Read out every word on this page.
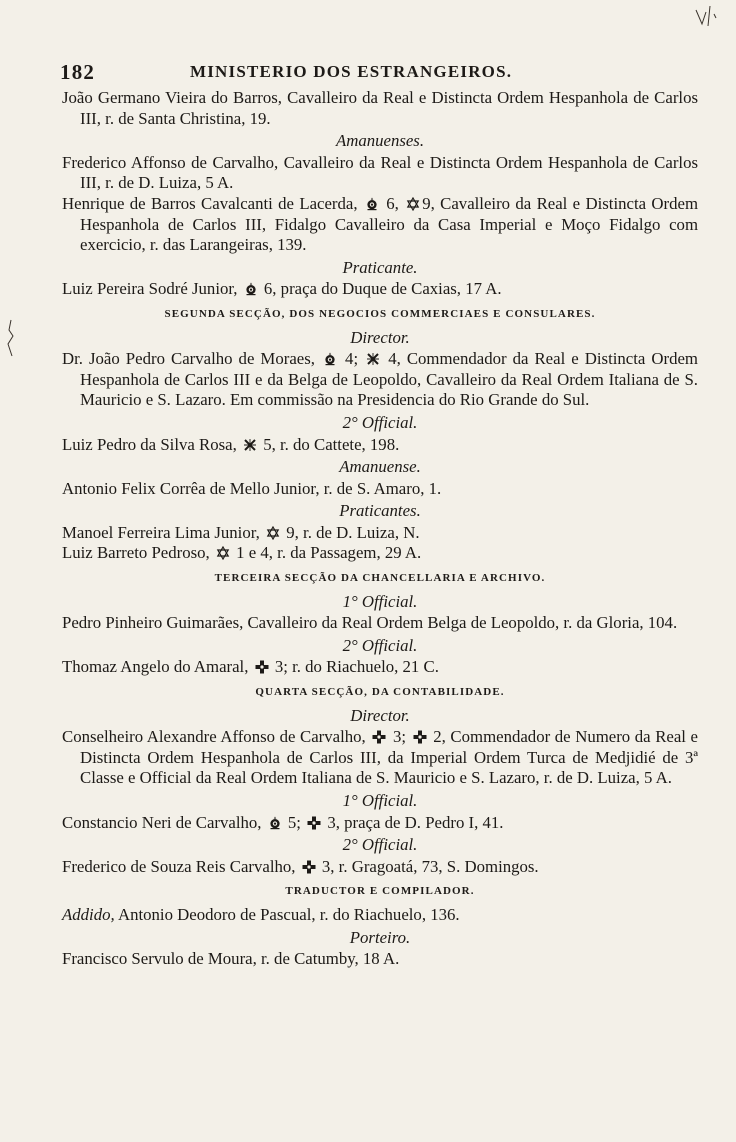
182	MINISTERIO DOS ESTRANGEIROS.

João Germano Vieira do Barros, Cavalleiro da Real e Distincta Ordem Hespanhola de Carlos III, r. de Santa Christina, 19.

Amanuenses.

Frederico Affonso de Carvalho, Cavalleiro da Real e Distincta Ordem Hespanhola de Carlos III, r. de D. Luiza, 5 A.

Henrique de Barros Cavalcanti de Lacerda, 6, 9, Cavalleiro da Real e Distincta Ordem Hespanhola de Carlos III, Fidalgo Cavalleiro da Casa Imperial e Moço Fidalgo com exercicio, r. das Larangeiras, 139.

Praticante.

Luiz Pereira Sodré Junior, 6, praça do Duque de Caxias, 17 A.

SEGUNDA SECÇÃO, DOS NEGOCIOS COMMERCIAES E CONSULARES.

Director.

Dr. João Pedro Carvalho de Moraes, 4; 4, Commendador da Real e Distincta Ordem Hespanhola de Carlos III e da Belga de Leopoldo, Cavalleiro da Real Ordem Italiana de S. Mauricio e S. Lazaro. Em commissão na Presidencia do Rio Grande do Sul.

2° Official.

Luiz Pedro da Silva Rosa, 5, r. do Cattete, 198.

Amanuense.

Antonio Felix Corrêa de Mello Junior, r. de S. Amaro, 1.

Praticantes.

Manoel Ferreira Lima Junior, 9, r. de D. Luiza, N.

Luiz Barreto Pedroso, 1 e 4, r. da Passagem, 29 A.

TERCEIRA SECÇÃO DA CHANCELLARIA E ARCHIVO.

1° Official.

Pedro Pinheiro Guimarães, Cavalleiro da Real Ordem Belga de Leopoldo, r. da Gloria, 104.

2° Official.

Thomaz Angelo do Amaral, 3; r. do Riachuelo, 21 C.

QUARTA SECÇÃO, DA CONTABILIDADE.

Director.

Conselheiro Alexandre Affonso de Carvalho, 3; 2, Commendador de Numero da Real e Distincta Ordem Hespanhola de Carlos III, da Imperial Ordem Turca de Medjidié de 3ª Classe e Official da Real Ordem Italiana de S. Mauricio e S. Lazaro, r. de D. Luiza, 5 A.

1° Official.

Constancio Neri de Carvalho, 5; 3, praça de D. Pedro I, 41.

2° Official.

Frederico de Souza Reis Carvalho, 3, r. Gragoatá, 73, S. Domingos.

TRADUCTOR E COMPILADOR.

Addido, Antonio Deodoro de Pascual, r. do Riachuelo, 136.

Porteiro.

Francisco Servulo de Moura, r. de Catumby, 18 A.
